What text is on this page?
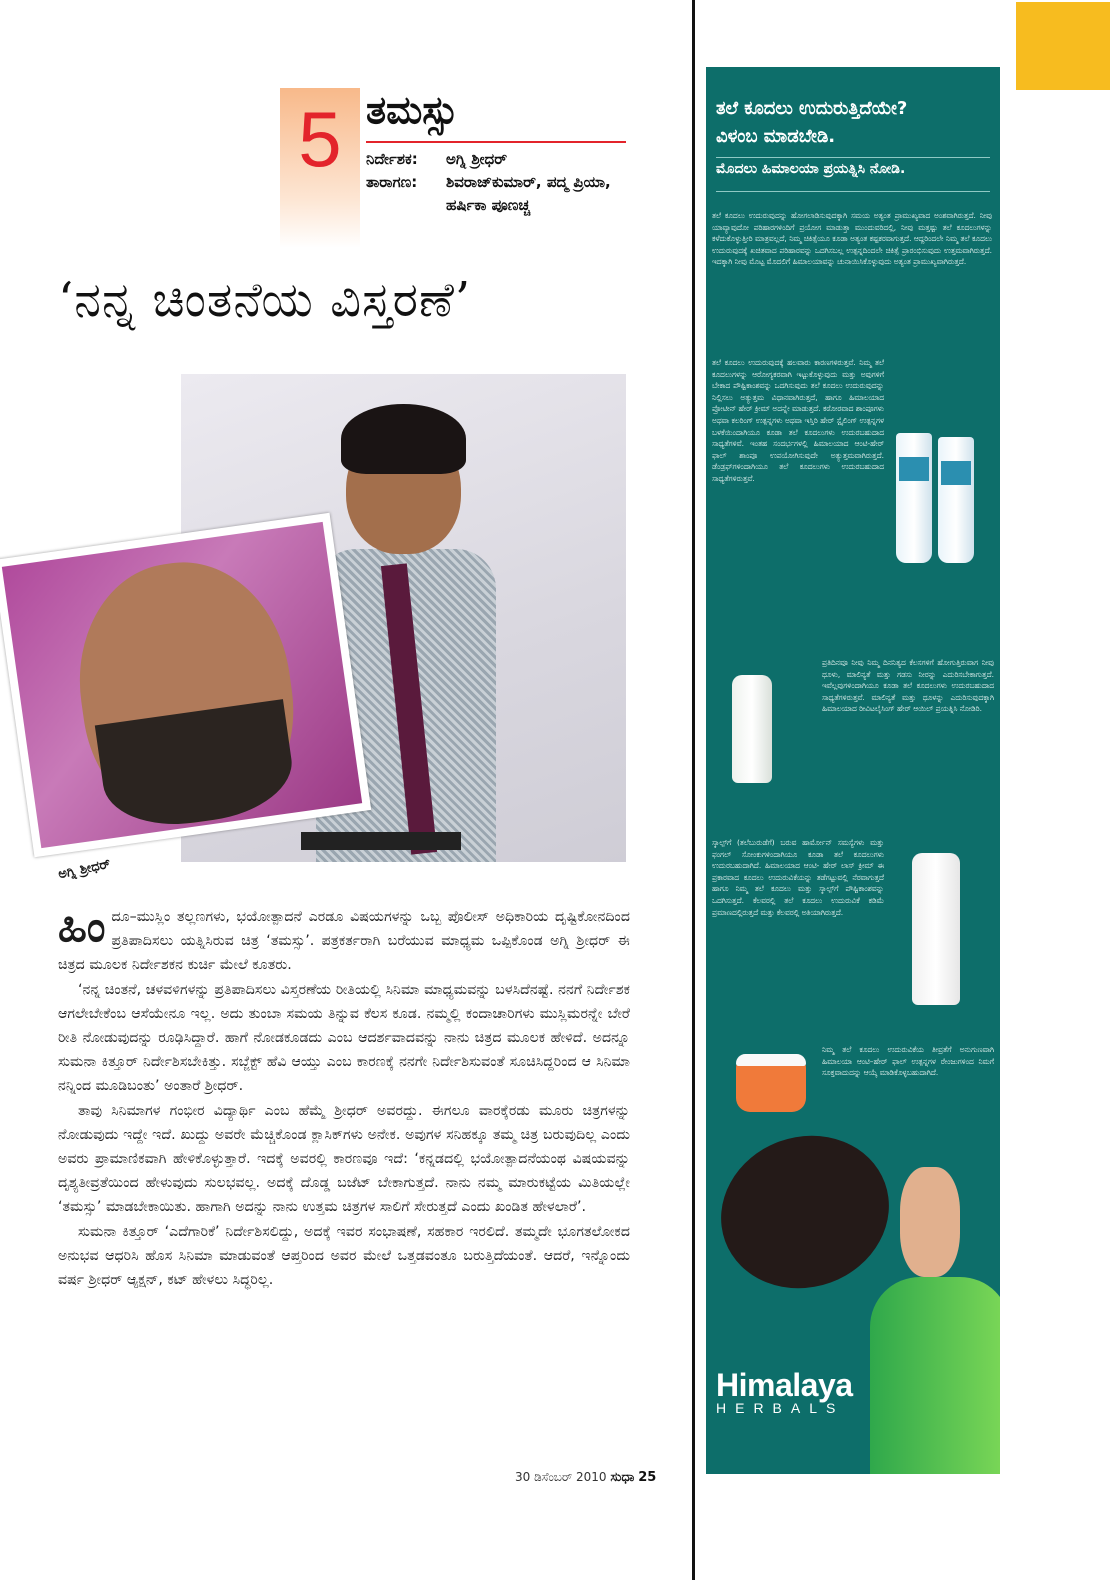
5 ತಮಸ್ಸು
ನಿರ್ದೇಶಕ: ಅಗ್ನಿ ಶ್ರೀಧರ್
ತಾರಾಗಣ: ಶಿವರಾಜ್‌ಕುಮಾರ್, ಪದ್ಮ ಪ್ರಿಯಾ, ಹರ್ಷಿಕಾ ಪೂಣಚ್ಚ
‘ನನ್ನ ಚಿಂತನೆಯ ವಿಸ್ತರಣೆ’
ಅಗ್ನಿ ಶ್ರೀಧರ್

ಹಿಂದೂ–ಮುಸ್ಲಿಂ ತಲ್ಲಣಗಳು, ಭಯೋತ್ಪಾದನೆ ಎರಡೂ ವಿಷಯಗಳನ್ನು ಒಬ್ಬ ಪೊಲೀಸ್ ಅಧಿಕಾರಿಯ ದೃಷ್ಟಿಕೋನದಿಂದ ಪ್ರತಿಪಾದಿಸಲು ಯತ್ನಿಸಿರುವ ಚಿತ್ರ ‘ತಮಸ್ಸು’. ಪತ್ರಕರ್ತರಾಗಿ ಬರೆಯುವ ಮಾಧ್ಯಮ ಒಪ್ಪಿಕೊಂಡ ಅಗ್ನಿ ಶ್ರೀಧರ್ ಈ ಚಿತ್ರದ ಮೂಲಕ ನಿರ್ದೇಶಕನ ಕುರ್ಚಿ ಮೇಲೆ ಕೂತರು.

‘ನನ್ನ ಚಿಂತನೆ, ಚಳವಳಿಗಳನ್ನು ಪ್ರತಿಪಾದಿಸಲು ವಿಸ್ತರಣೆಯ ರೀತಿಯಲ್ಲಿ ಸಿನಿಮಾ ಮಾಧ್ಯಮವನ್ನು ಬಳಸಿದೆನಷ್ಟೆ. ನನಗೆ ನಿರ್ದೇಶಕ ಆಗಲೇಬೇಕೆಂಬ ಆಸೆಯೇನೂ ಇಲ್ಲ. ಅದು ತುಂಬಾ ಸಮಯ ತಿನ್ನುವ ಕೆಲಸ ಕೂಡ. ನಮ್ಮಲ್ಲಿ ಕಂದಾಚಾರಿಗಳು ಮುಸ್ಲಿಮರನ್ನೇ ಬೇರೆ ರೀತಿ ನೋಡುವುದನ್ನು ರೂಢಿಸಿದ್ದಾರೆ. ಹಾಗೆ ನೋಡಕೂಡದು ಎಂಬ ಆದರ್ಶವಾದವನ್ನು ನಾನು ಚಿತ್ರದ ಮೂಲಕ ಹೇಳಿದೆ. ಅದನ್ನೂ ಸುಮನಾ ಕಿತ್ತೂರ್ ನಿರ್ದೇಶಿಸಬೇಕಿತ್ತು. ಸಬ್ಜೆಕ್ಟ್ ಹೆವಿ ಆಯ್ತು ಎಂಬ ಕಾರಣಕ್ಕೆ ನನಗೇ ನಿರ್ದೇಶಿಸುವಂತೆ ಸೂಚಿಸಿದ್ದರಿಂದ ಆ ಸಿನಿಮಾ ನನ್ನಿಂದ ಮೂಡಿಬಂತು’ ಅಂತಾರೆ ಶ್ರೀಧರ್.

ತಾವು ಸಿನಿಮಾಗಳ ಗಂಭೀರ ವಿದ್ಯಾರ್ಥಿ ಎಂಬ ಹೆಮ್ಮೆ ಶ್ರೀಧರ್ ಅವರದ್ದು. ಈಗಲೂ ವಾರಕ್ಕೆರಡು ಮೂರು ಚಿತ್ರಗಳನ್ನು ನೋಡುವುದು ಇದ್ದೇ ಇದೆ. ಖುದ್ದು ಅವರೇ ಮೆಚ್ಚಿಕೊಂಡ ಕ್ಲಾಸಿಕ್‌ಗಳು ಅನೇಕ. ಅವುಗಳ ಸನಿಹಕ್ಕೂ ತಮ್ಮ ಚಿತ್ರ ಬರುವುದಿಲ್ಲ ಎಂದು ಅವರು ಪ್ರಾಮಾಣಿಕವಾಗಿ ಹೇಳಿಕೊಳ್ಳುತ್ತಾರೆ. ಇದಕ್ಕೆ ಅವರಲ್ಲಿ ಕಾರಣವೂ ಇದೆ: ‘ಕನ್ನಡದಲ್ಲಿ ಭಯೋತ್ಪಾದನೆಯಂಥ ವಿಷಯವನ್ನು ದೃಶ್ಯತೀವ್ರತೆಯಿಂದ ಹೇಳುವುದು ಸುಲಭವಲ್ಲ. ಅದಕ್ಕೆ ದೊಡ್ಡ ಬಜೆಟ್ ಬೇಕಾಗುತ್ತದೆ. ನಾನು ನಮ್ಮ ಮಾರುಕಟ್ಟೆಯ ಮಿತಿಯಲ್ಲೇ ‘ತಮಸ್ಸು’ ಮಾಡಬೇಕಾಯಿತು. ಹಾಗಾಗಿ ಅದನ್ನು ನಾನು ಉತ್ತಮ ಚಿತ್ರಗಳ ಸಾಲಿಗೆ ಸೇರುತ್ತದೆ ಎಂದು ಖಂಡಿತ ಹೇಳಲಾರೆ’.

ಸುಮನಾ ಕಿತ್ತೂರ್ ‘ಎದೆಗಾರಿಕೆ’ ನಿರ್ದೇಶಿಸಲಿದ್ದು, ಅದಕ್ಕೆ ಇವರ ಸಂಭಾಷಣೆ, ಸಹಕಾರ ಇರಲಿದೆ. ತಮ್ಮದೇ ಭೂಗತಲೋಕದ ಅನುಭವ ಆಧರಿಸಿ ಹೊಸ ಸಿನಿಮಾ ಮಾಡುವಂತೆ ಆಪ್ತರಿಂದ ಅವರ ಮೇಲೆ ಒತ್ತಡವಂತೂ ಬರುತ್ತಿದೆಯಂತೆ. ಆದರೆ, ಇನ್ನೊಂದು ವರ್ಷ ಶ್ರೀಧರ್ ಆ್ಯಕ್ಷನ್, ಕಟ್ ಹೇಳಲು ಸಿದ್ಧರಿಲ್ಲ.

30 ಡಿಸೆಂಬರ್ 2010 ಸುಧಾ 25
ತಲೆ ಕೂದಲು ಉದುರುತ್ತಿದೆಯೇ?
ವಿಳಂಬ ಮಾಡಬೇಡಿ.
ಮೊದಲು ಹಿಮಾಲಯಾ ಪ್ರಯತ್ನಿಸಿ ನೋಡಿ.
ತಲೆ ಕೂದಲು ಉದುರುವುದನ್ನು ಹೋಗಲಾಡಿಸುವುದಕ್ಕಾಗಿ ಸಮಯ ಅತ್ಯಂತ ಪ್ರಾಮುಖ್ಯವಾದ ಅಂಶವಾಗಿರುತ್ತದೆ. ನೀವು ಯಾವ್ಯಾವುದೋ ಪರಿಹಾರಗಳಿಂದಿಗೆ ಪ್ರಯೋಗ ಮಾಡುತ್ತಾ ಮುಂದುವರಿದಲ್ಲಿ, ನೀವು ಮತ್ತಷ್ಟು ತಲೆ ಕೂದಲುಗಳನ್ನು ಕಳೆದುಕೊಳ್ಳುತ್ತೀರಿ ಮಾತ್ರವಲ್ಲದೆ, ನಿಮ್ಮ ಚಿಕಿತ್ಸೆಯೂ ಕೂಡಾ ಅತ್ಯಂತ ಕಷ್ಟಕರವಾಗುತ್ತದೆ. ಆದ್ದರಿಂದಲೇ ನಿಮ್ಮ ತಲೆ ಕೂದಲು ಉದುರುವುದಕ್ಕೆ ಖಚಿತವಾದ ಪರಿಹಾರವನ್ನು ಒದಗಿಸಬಲ್ಲ ಉತ್ಪನ್ನದಿಂದಲೇ ಚಿಕಿತ್ಸೆ ಪ್ರಾರಂಭಿಸುವುದು ಉತ್ತಮವಾಗಿರುತ್ತದೆ. ಇದಕ್ಕಾಗಿ ನೀವು ಮೊಟ್ಟ ಮೊದಲಿಗೆ ಹಿಮಾಲಯಾವನ್ನು ಚುನಾಯಿಸಿಕೊಳ್ಳುವುದು ಅತ್ಯಂತ ಪ್ರಾಮುಖ್ಯವಾಗಿರುತ್ತದೆ.
ತಲೆ ಕೂದಲು ಉದುರುವುದಕ್ಕೆ ಹಲವಾರು ಕಾರಣಗಳಿರುತ್ತವೆ. ನಿಮ್ಮ ತಲೆ ಕೂದಲುಗಳನ್ನು ಆರೋಗ್ಯಕರವಾಗಿ ಇಟ್ಟುಕೊಳ್ಳುವುದು ಮತ್ತು ಅವುಗಳಿಗೆ ಬೇಕಾದ ಪೌಷ್ಟಿಕಾಂಶವನ್ನು ಒದಗಿಸುವುದು ತಲೆ ಕೂದಲು ಉದುರುವುದನ್ನು ನಿಲ್ಲಿಸಲು ಅತ್ಯುತ್ತಮ ವಿಧಾನವಾಗಿರುತ್ತದೆ, ಹಾಗೂ ಹಿಮಾಲಯಾದ ಪ್ರೋಟೀನ್ ಹೇರ್ ಕ್ರೀಮ್ ಅದನ್ನೇ ಮಾಡುತ್ತದೆ. ಕಠೋರವಾದ ಶಾಂಪೂಗಳು ಅಥವಾ ಕಲರಿಂಗ್ ಉತ್ಪನ್ನಗಳು ಅಥವಾ ಇಸ್ತಿರಿ ಹೇರ್ ಸ್ಟೈಲಿಂಗ್ ಉತ್ಪನ್ನಗಳ ಬಳಕೆಯಿಂದಾಗಿಯೂ ಕೂಡಾ ತಲೆ ಕೂದಲುಗಳು ಉದುರಬಹುದಾದ ಸಾಧ್ಯತೆಗಳಿವೆ. ಇಂತಹ ಸಂದರ್ಭಗಳಲ್ಲಿ ಹಿಮಾಲಯಾದ ಆಂಟಿ-ಹೇರ್ ಫಾಲ್ ಶಾಂಪೂ ಉಪಯೋಗಿಸುವುದೇ ಅತ್ಯುತ್ತಮವಾಗಿರುತ್ತದೆ. ಡೆಂಡ್ರಫ್‌ಗಳಿಂದಾಗಿಯೂ ತಲೆ ಕೂದಲುಗಳು ಉದುರಬಹುದಾದ ಸಾಧ್ಯತೆಗಳಿರುತ್ತವೆ.
ಪ್ರತಿದಿನವೂ ನೀವು ನಿಮ್ಮ ದಿನನಿತ್ಯದ ಕೆಲಸಗಳಿಗೆ ಹೋಗುತ್ತಿರುವಾಗ ನೀವು ಧೂಳು, ಮಾಲಿನ್ಯತೆ ಮತ್ತು ಗಡಸು ನೀರನ್ನು ಎದುರಿಸಬೇಕಾಗುತ್ತದೆ. ಇವೆಲ್ಲವುಗಳಿಂದಾಗಿಯೂ ಕೂಡಾ ತಲೆ ಕೂದಲುಗಳು ಉದುರಬಹುದಾದ ಸಾಧ್ಯತೆಗಳಿರುತ್ತವೆ. ಮಾಲಿನ್ಯತೆ ಮತ್ತು ಧೂಳನ್ನು ಎದುರಿಸುವುದಕ್ಕಾಗಿ ಹಿಮಾಲಯಾದ ರೀವಿಟಲೈಸಿಂಗ್ ಹೇರ್ ಆಯಿಲ್ ಪ್ರಯತ್ನಿಸಿ ನೋಡಿರಿ.
ಸ್ಕಾಲ್ಪ್‌ಗೆ (ತಲೆಬುರುಡೆಗೆ) ಬರುವ ಹಾರ್ಮೋನ್ ಸಮಸ್ಯೆಗಳು ಮತ್ತು ಫಂಗಲ್ ಸೋಂಕುಗಳಿಂದಾಗಿಯೂ ಕೂಡಾ ತಲೆ ಕೂದಲುಗಳು ಉದುರಬಹುದಾಗಿದೆ. ಹಿಮಾಲಯಾದ ಆಂಟಿ- ಹೇರ್ ಲಾಸ್ ಕ್ರೀಮ್ ಈ ಪ್ರಕಾರವಾದ ಕೂದಲು ಉದುರುವಿಕೆಯನ್ನು ತಡೆಗಟ್ಟುವಲ್ಲಿ ನೆರವಾಗುತ್ತದೆ ಹಾಗೂ ನಿಮ್ಮ ತಲೆ ಕೂದಲು ಮತ್ತು ಸ್ಕಾಲ್ಪ್‌ಗೆ ಪೌಷ್ಟಿಕಾಂಶವನ್ನು ಒದಗಿಸುತ್ತದೆ. ಕೆಲವರಲ್ಲಿ ತಲೆ ಕೂದಲು ಉದುರುವಿಕೆ ಕಡಿಮೆ ಪ್ರಮಾಣದಲ್ಲಿರುತ್ತದೆ ಮತ್ತು ಕೆಲವರಲ್ಲಿ ಅತಿಯಾಗಿರುತ್ತದೆ.
ನಿಮ್ಮ ತಲೆ ಕೂದಲು ಉದುರುವಿಕೆಯ ತೀವ್ರತೆಗೆ ಅನುಗುಣವಾಗಿ ಹಿಮಾಲಯಾ ಆಂಟಿ–ಹೇರ್ ಫಾಲ್ ಉತ್ಪನ್ನಗಳ ರೇಂಜುಗಳಿಂದ ನಿಮಗೆ ಸೂಕ್ತವಾದುದನ್ನು ಆಯ್ಕೆ ಮಾಡಿಕೊಳ್ಳಬಹುದಾಗಿದೆ.
Himalaya
HERBALS
